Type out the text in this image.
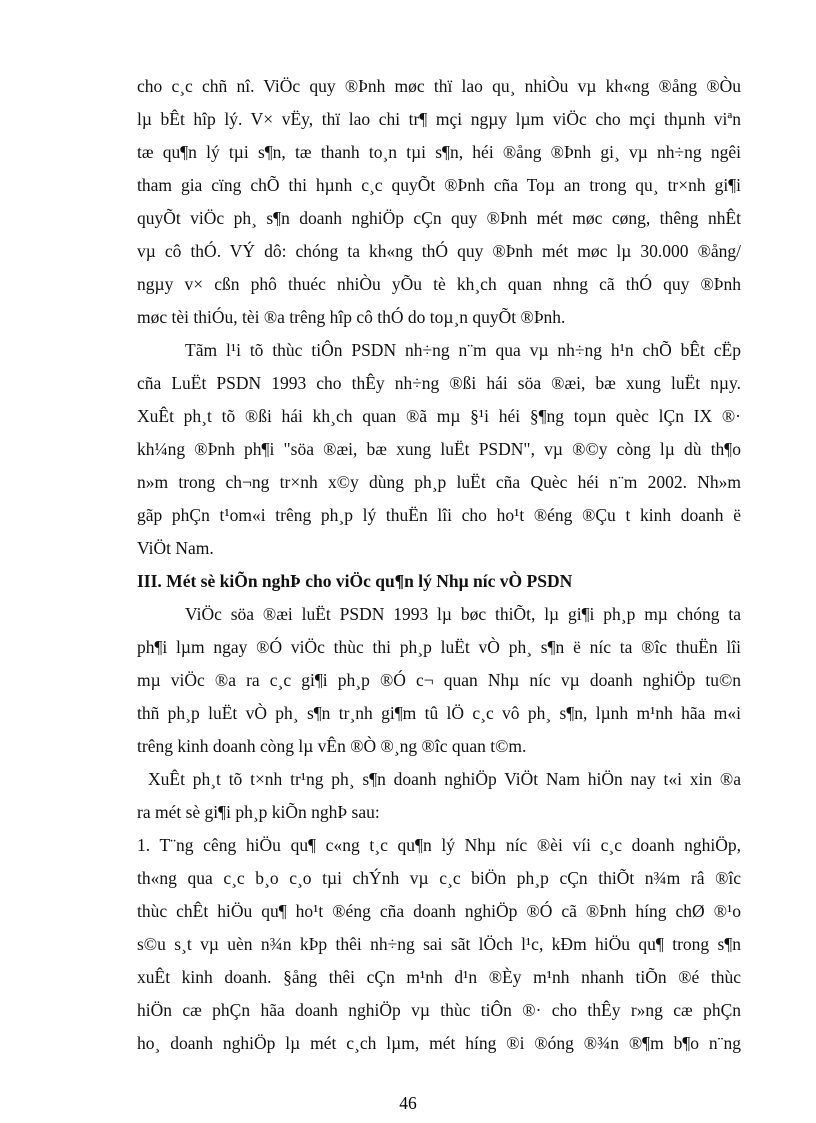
cho c¸c chñ nî. ViÖc quy ®Þnh møc thï lao qu¸ nhiÒu vµ kh«ng ®ång ®Òu
lµ bÊt hîp lý. V× vËy, thï lao chi tr¶ mçi ngµy lµm viÖc cho mçi thµnh viªn
tæ qu¶n lý tµi s¶n, tæ thanh to¸n tµi s¶n, héi ®ång ®Þnh gi¸ vµ nh÷ng ngêi
tham gia cïng chÕ thi hµnh c¸c quyÕt ®Þnh cña Toµ an trong qu¸ tr×nh gi¶i
quyÕt viÖc ph¸ s¶n doanh nghiÖp cÇn quy ®Þnh mét møc cøng, thêng nhÊt
vµ cô thÓ. VÝ dô: chóng ta kh«ng thÓ quy ®Þnh mét møc lµ 30.000 ®ång/
ngµy v× cßn phô thuéc nhiÒu yÕu tè kh¸ch quan nhng cã thÓ quy ®Þnh
møc tèi thiÓu, tèi ®a trêng hîp cô thÓ do toµ¸n quyÕt ®Þnh.
Tãm l¹i tõ thùc tiÔn PSDN nh÷ng n¨m qua vµ nh÷ng h¹n chÕ bÊt cËp
cña LuËt PSDN 1993 cho thÊy nh÷ng ®ßi hái söa ®æi, bæ xung luËt nµy.
XuÊt ph¸t tõ ®ßi hái kh¸ch quan ®ã mµ §¹i héi §¶ng toµn quèc lÇn IX ®·
kh¼ng ®Þnh ph¶i "söa ®æi, bæ xung luËt PSDN", vµ ®©y còng lµ dù th¶o
n»m trong ch¬ng tr×nh x©y dùng ph¸p luËt cña Quèc héi n¨m 2002. Nh»m
gãp phÇn t¹om«i trêng ph¸p lý thuËn lîi cho ho¹t ®éng ®Çu t kinh doanh ë
ViÖt Nam.
III. Mét sè kiÕn nghÞ cho viÖc qu¶n lý Nhµ níc vÒ PSDN
ViÖc söa ®æi luËt PSDN 1993 lµ bøc thiÕt, lµ gi¶i ph¸p mµ chóng ta
ph¶i lµm ngay ®Ó viÖc thùc thi ph¸p luËt vÒ ph¸ s¶n ë níc ta ®îc thuËn lîi
mµ viÖc ®a ra c¸c gi¶i ph¸p ®Ó c¬ quan Nhµ níc vµ doanh nghiÖp tu©n
thñ ph¸p luËt vÒ ph¸ s¶n tr¸nh gi¶m tû lÖ c¸c vô ph¸ s¶n, lµnh m¹nh hãa m«i
trêng kinh doanh còng lµ vÊn ®Ò ®¸ng ®îc quan t©m.
XuÊt ph¸t tõ t×nh tr¹ng ph¸ s¶n doanh nghiÖp ViÖt Nam hiÖn nay t«i xin ®a
ra mét sè gi¶i ph¸p kiÕn nghÞ sau:
1. T¨ng cêng hiÖu qu¶ c«ng t¸c qu¶n lý Nhµ níc ®èi víi c¸c doanh nghiÖp,
th«ng qua c¸c b¸o c¸o tµi chÝnh vµ c¸c biÖn ph¸p cÇn thiÕt n¾m râ ®îc
thùc chÊt hiÖu qu¶ ho¹t ®éng cña doanh nghiÖp ®Ó cã ®Þnh híng chØ ®¹o
s©u s¸t vµ uèn n¾n kÞp thêi nh÷ng sai sãt lÖch l¹c, kÐm hiÖu qu¶ trong s¶n
xuÊt kinh doanh. §ång thêi cÇn m¹nh d¹n ®Èy m¹nh nhanh tiÕn ®é thùc
hiÖn cæ phÇn hãa doanh nghiÖp vµ thùc tiÔn ®· cho thÊy r»ng cæ phÇn
ho¸ doanh nghiÖp lµ mét c¸ch lµm, mét híng ®i ®óng ®¾n ®¶m b¶o n¨ng
46
